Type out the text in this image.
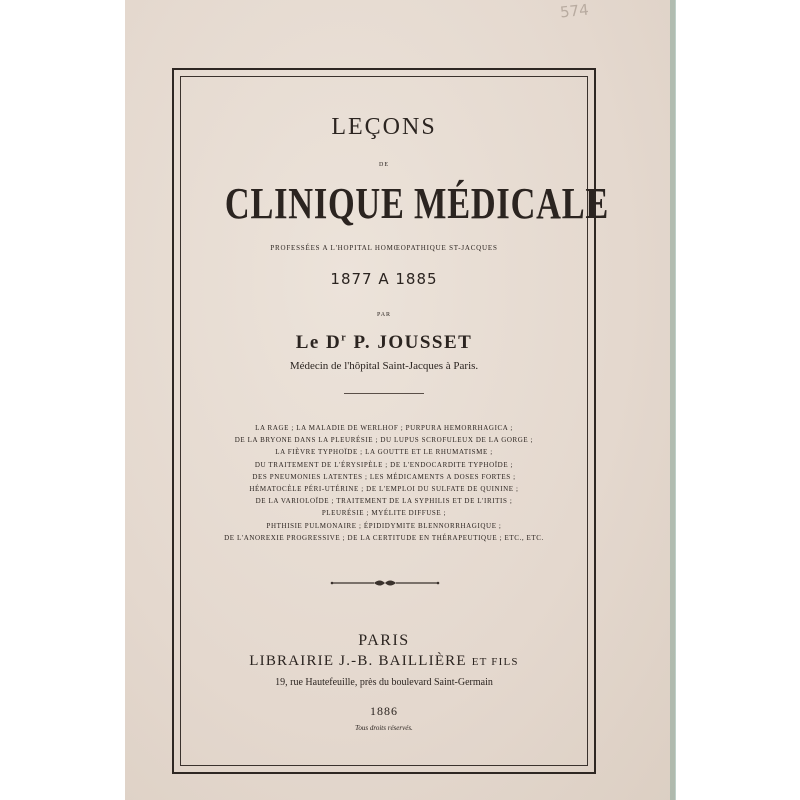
574
LEÇONS
DE
CLINIQUE MÉDICALE
PROFESSÉES A L'HOPITAL HOMŒOPATHIQUE ST-JACQUES
1877 A 1885
PAR
Le $D^r$ P. JOUSSET
Médecin de l'hôpital Saint-Jacques à Paris.
LA RAGE ; LA MALADIE DE WERLHOF ; PURPURA HEMORRHAGICA ;
DE LA BRYONE DANS LA PLEURÉSIE ; DU LUPUS SCROFULEUX DE LA GORGE ;
LA FIÈVRE TYPHOÏDE ; LA GOUTTE ET LE RHUMATISME ;
DU TRAITEMENT DE L'ÉRYSIPÈLE ; DE L'ENDOCARDITE TYPHOÏDE ;
DES PNEUMONIES LATENTES ; LES MÉDICAMENTS A DOSES FORTES ;
HÉMATOCÈLE PÉRI-UTÉRINE ; DE L'EMPLOI DU SULFATE DE QUININE ;
DE LA VARIOLOÏDE ; TRAITEMENT DE LA SYPHILIS ET DE L'IRITIS ;
PLEURÉSIE ; MYÉLITE DIFFUSE ;
PHTHISIE PULMONAIRE ; ÉPIDIDYMITE BLENNORRHAGIQUE ;
DE L'ANOREXIE PROGRESSIVE ; DE LA CERTITUDE EN THÉRAPEUTIQUE ; ETC., ETC.
PARIS
LIBRAIRIE J.-B. BAILLIÈRE ET FILS
19, rue Hautefeuille, près du boulevard Saint-Germain
1886
Tous droits réservés.
